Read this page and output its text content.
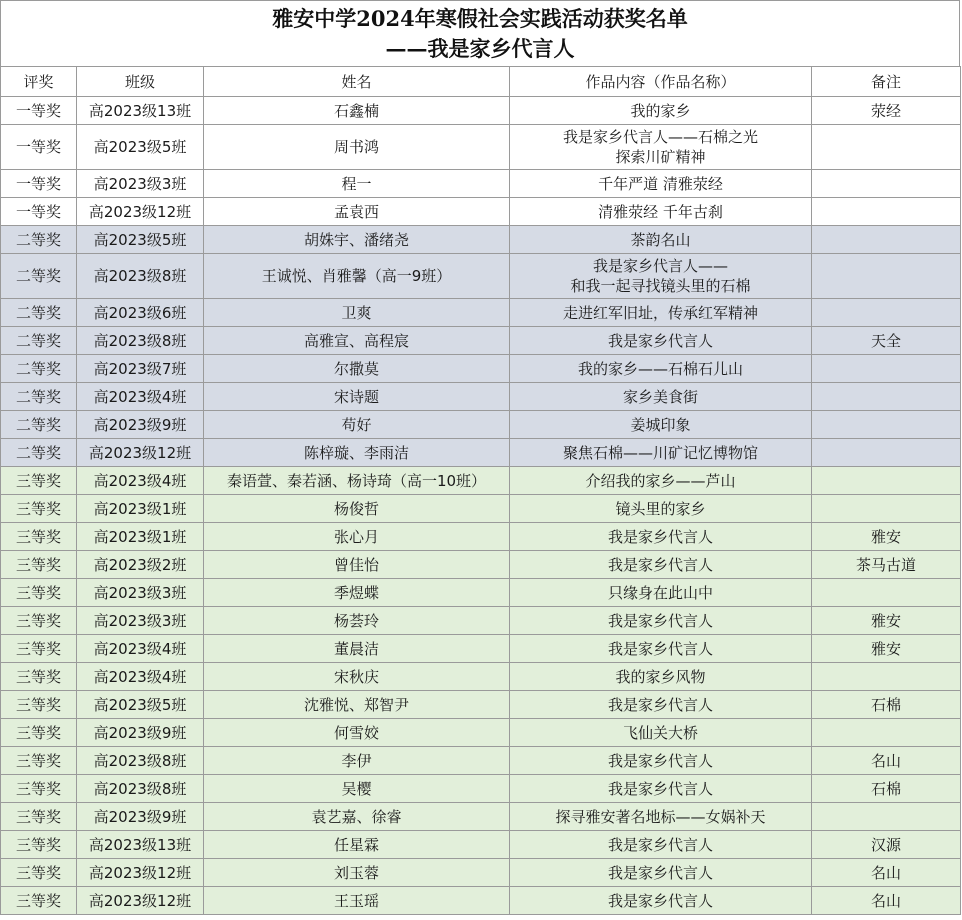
雅安中学2024年寒假社会实践活动获奖名单
——我是家乡代言人
评奖	班级	姓名	作品内容（作品名称）	备注
一等奖	高2023级13班	石鑫楠	我的家乡	荥经
一等奖	高2023级5班	周书鸿	我是家乡代言人——石棉之光
探索川矿精神	

一等奖	高2023级3班	程一	千年严道 清雅荥经	

一等奖	高2023级12班	孟袁西	清雅荥经 千年古刹	

二等奖	高2023级5班	胡姝宇、潘绪尧	茶韵名山	

二等奖	高2023级8班	王诚悦、肖雅馨（高一9班）	我是家乡代言人——
和我一起寻找镜头里的石棉	

二等奖	高2023级6班	卫爽	走进红军旧址，传承红军精神	

二等奖	高2023级8班	高雅宣、高程宸	我是家乡代言人	天全
二等奖	高2023级7班	尔撒莫	我的家乡——石棉石儿山	

二等奖	高2023级4班	宋诗题	家乡美食街	

二等奖	高2023级9班	苟好	姜城印象	

二等奖	高2023级12班	陈梓璇、李雨洁	聚焦石棉——川矿记忆博物馆	

三等奖	高2023级4班	秦语萱、秦若涵、杨诗琦（高一10班）	介绍我的家乡——芦山	

三等奖	高2023级1班	杨俊哲	镜头里的家乡	

三等奖	高2023级1班	张心月	我是家乡代言人	雅安
三等奖	高2023级2班	曾佳怡	我是家乡代言人	茶马古道
三等奖	高2023级3班	季煜蝶	只缘身在此山中	

三等奖	高2023级3班	杨荟玲	我是家乡代言人	雅安
三等奖	高2023级4班	董晨洁	我是家乡代言人	雅安
三等奖	高2023级4班	宋秋庆	我的家乡风物	

三等奖	高2023级5班	沈雅悦、郑智尹	我是家乡代言人	石棉
三等奖	高2023级9班	何雪姣	飞仙关大桥	

三等奖	高2023级8班	李伊	我是家乡代言人	名山
三等奖	高2023级8班	吴樱	我是家乡代言人	石棉
三等奖	高2023级9班	袁艺嘉、徐睿	探寻雅安著名地标——女娲补天	

三等奖	高2023级13班	任星霖	我是家乡代言人	汉源
三等奖	高2023级12班	刘玉蓉	我是家乡代言人	名山
三等奖	高2023级12班	王玉瑶	我是家乡代言人	名山
